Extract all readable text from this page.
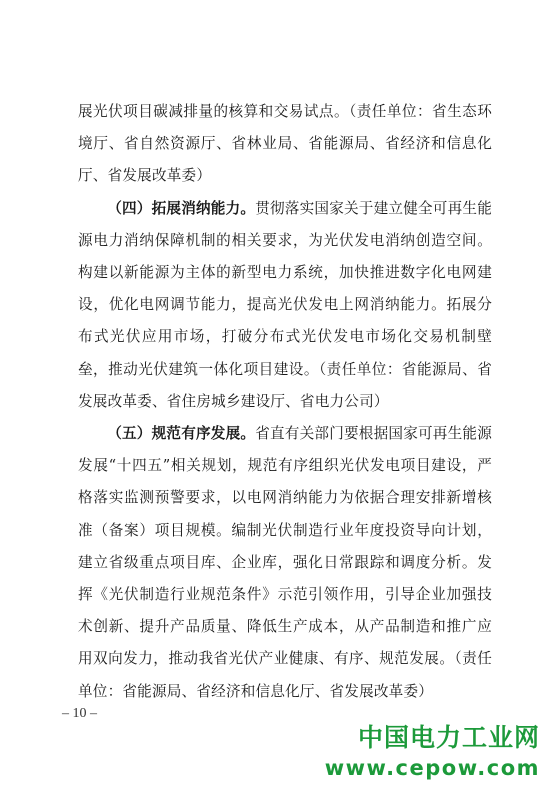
展光伏项目碳减排量的核算和交易试点。（责任单位：省生态环境厅、省自然资源厅、省林业局、省能源局、省经济和信息化厅、省发展改革委）

（四）拓展消纳能力。贯彻落实国家关于建立健全可再生能源电力消纳保障机制的相关要求，为光伏发电消纳创造空间。构建以新能源为主体的新型电力系统，加快推进数字化电网建设，优化电网调节能力，提高光伏发电上网消纳能力。拓展分布式光伏应用市场，打破分布式光伏发电市场化交易机制壁垒，推动光伏建筑一体化项目建设。（责任单位：省能源局、省发展改革委、省住房城乡建设厅、省电力公司）

（五）规范有序发展。省直有关部门要根据国家可再生能源发展“十四五”相关规划，规范有序组织光伏发电项目建设，严格落实监测预警要求，以电网消纳能力为依据合理安排新增核准（备案）项目规模。编制光伏制造行业年度投资导向计划，建立省级重点项目库、企业库，强化日常跟踪和调度分析。发挥《光伏制造行业规范条件》示范引领作用，引导企业加强技术创新、提升产品质量、降低生产成本，从产品制造和推广应用双向发力，推动我省光伏产业健康、有序、规范发展。（责任单位：省能源局、省经济和信息化厅、省发展改革委）

– 10 –
中国电力工业网
www.cepow.com
